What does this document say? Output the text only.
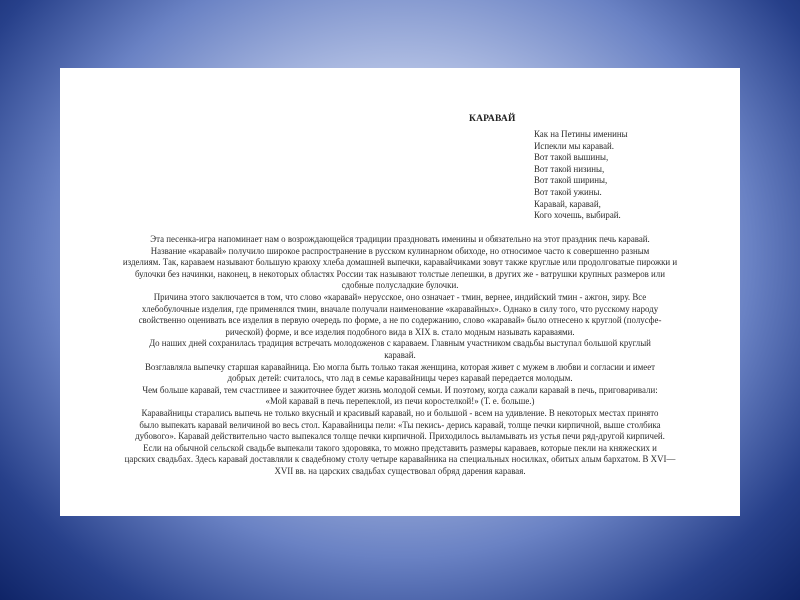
КАРАВАЙ
Как на Петины именины
Испекли мы каравай.
Вот такой вышины,
Вот такой низины,
Вот такой ширины,
Вот такой ужины.
Каравай, каравай,
Кого хочешь, выбирай.
Эта песенка-игра напоминает нам о возрождающейся традиции праздновать именины и обязательно на этот праздник печь каравай.
Название «каравай» получило широкое распространение в русском кулинарном обиходе, но относимое часто к совершенно разным
изделиям. Так, караваем называют большую краюху хлеба домашней выпечки, каравайчиками зовут также круглые или продолговатые пирожки и
булочки без начинки, наконец, в некоторых областях России так называют толстые лепешки, в других же - ватрушки крупных размеров или
сдобные полусладкие булочки.
Причина этого заключается в том, что слово «каравай» нерусское, оно означает - тмин, вернее, индийский тмин - ажгон, зиру. Все
хлебобулочные изделия, где применялся тмин, вначале получали наименование «каравайных». Однако в силу того, что русскому народу
свойственно оценивать все изделия в первую очередь по форме, а не по содержанию, слово «каравай» было отнесено к круглой (полусфе-
рической) форме, и все изделия подобного вида в XIX в. стало модным называть караваями.
До наших дней сохранилась традиция встречать молодоженов с караваем. Главным участником свадьбы выступал большой круглый
каравай.
Возглавляла выпечку старшая каравайница. Ею могла быть только такая женщина, которая живет с мужем в любви и согласии и имеет
добрых детей: считалось, что лад в семье каравайницы через каравай передается молодым.
Чем больше каравай, тем счастливее и зажиточнее будет жизнь молодой семьи. И поэтому, когда сажали каравай в печь, приговаривали:
«Мой каравай в печь перепеклой, из печи коростелкой!» (Т. е. больше.)
Каравайницы старались выпечь не только вкусный и красивый каравай, но и большой - всем на удивление. В некоторых местах принято
было выпекать каравай величиной во весь стол. Каравайницы пели: «Ты пекись- дерись каравай, толще печки кирпичной, выше столбика
дубового». Каравай действительно часто выпекался толще печки кирпичной. Приходилось выламывать из устья печи ряд-другой кирпичей.
Если на обычной сельской свадьбе выпекали такого здоровяка, то можно представить размеры караваев, которые пекли на княжеских и
царских свадьбах. Здесь каравай доставляли к свадебному столу четыре каравайника на специальных носилках, обитых алым бархатом. В XVI—
XVII вв. на царских свадьбах существовал обряд дарения каравая.
